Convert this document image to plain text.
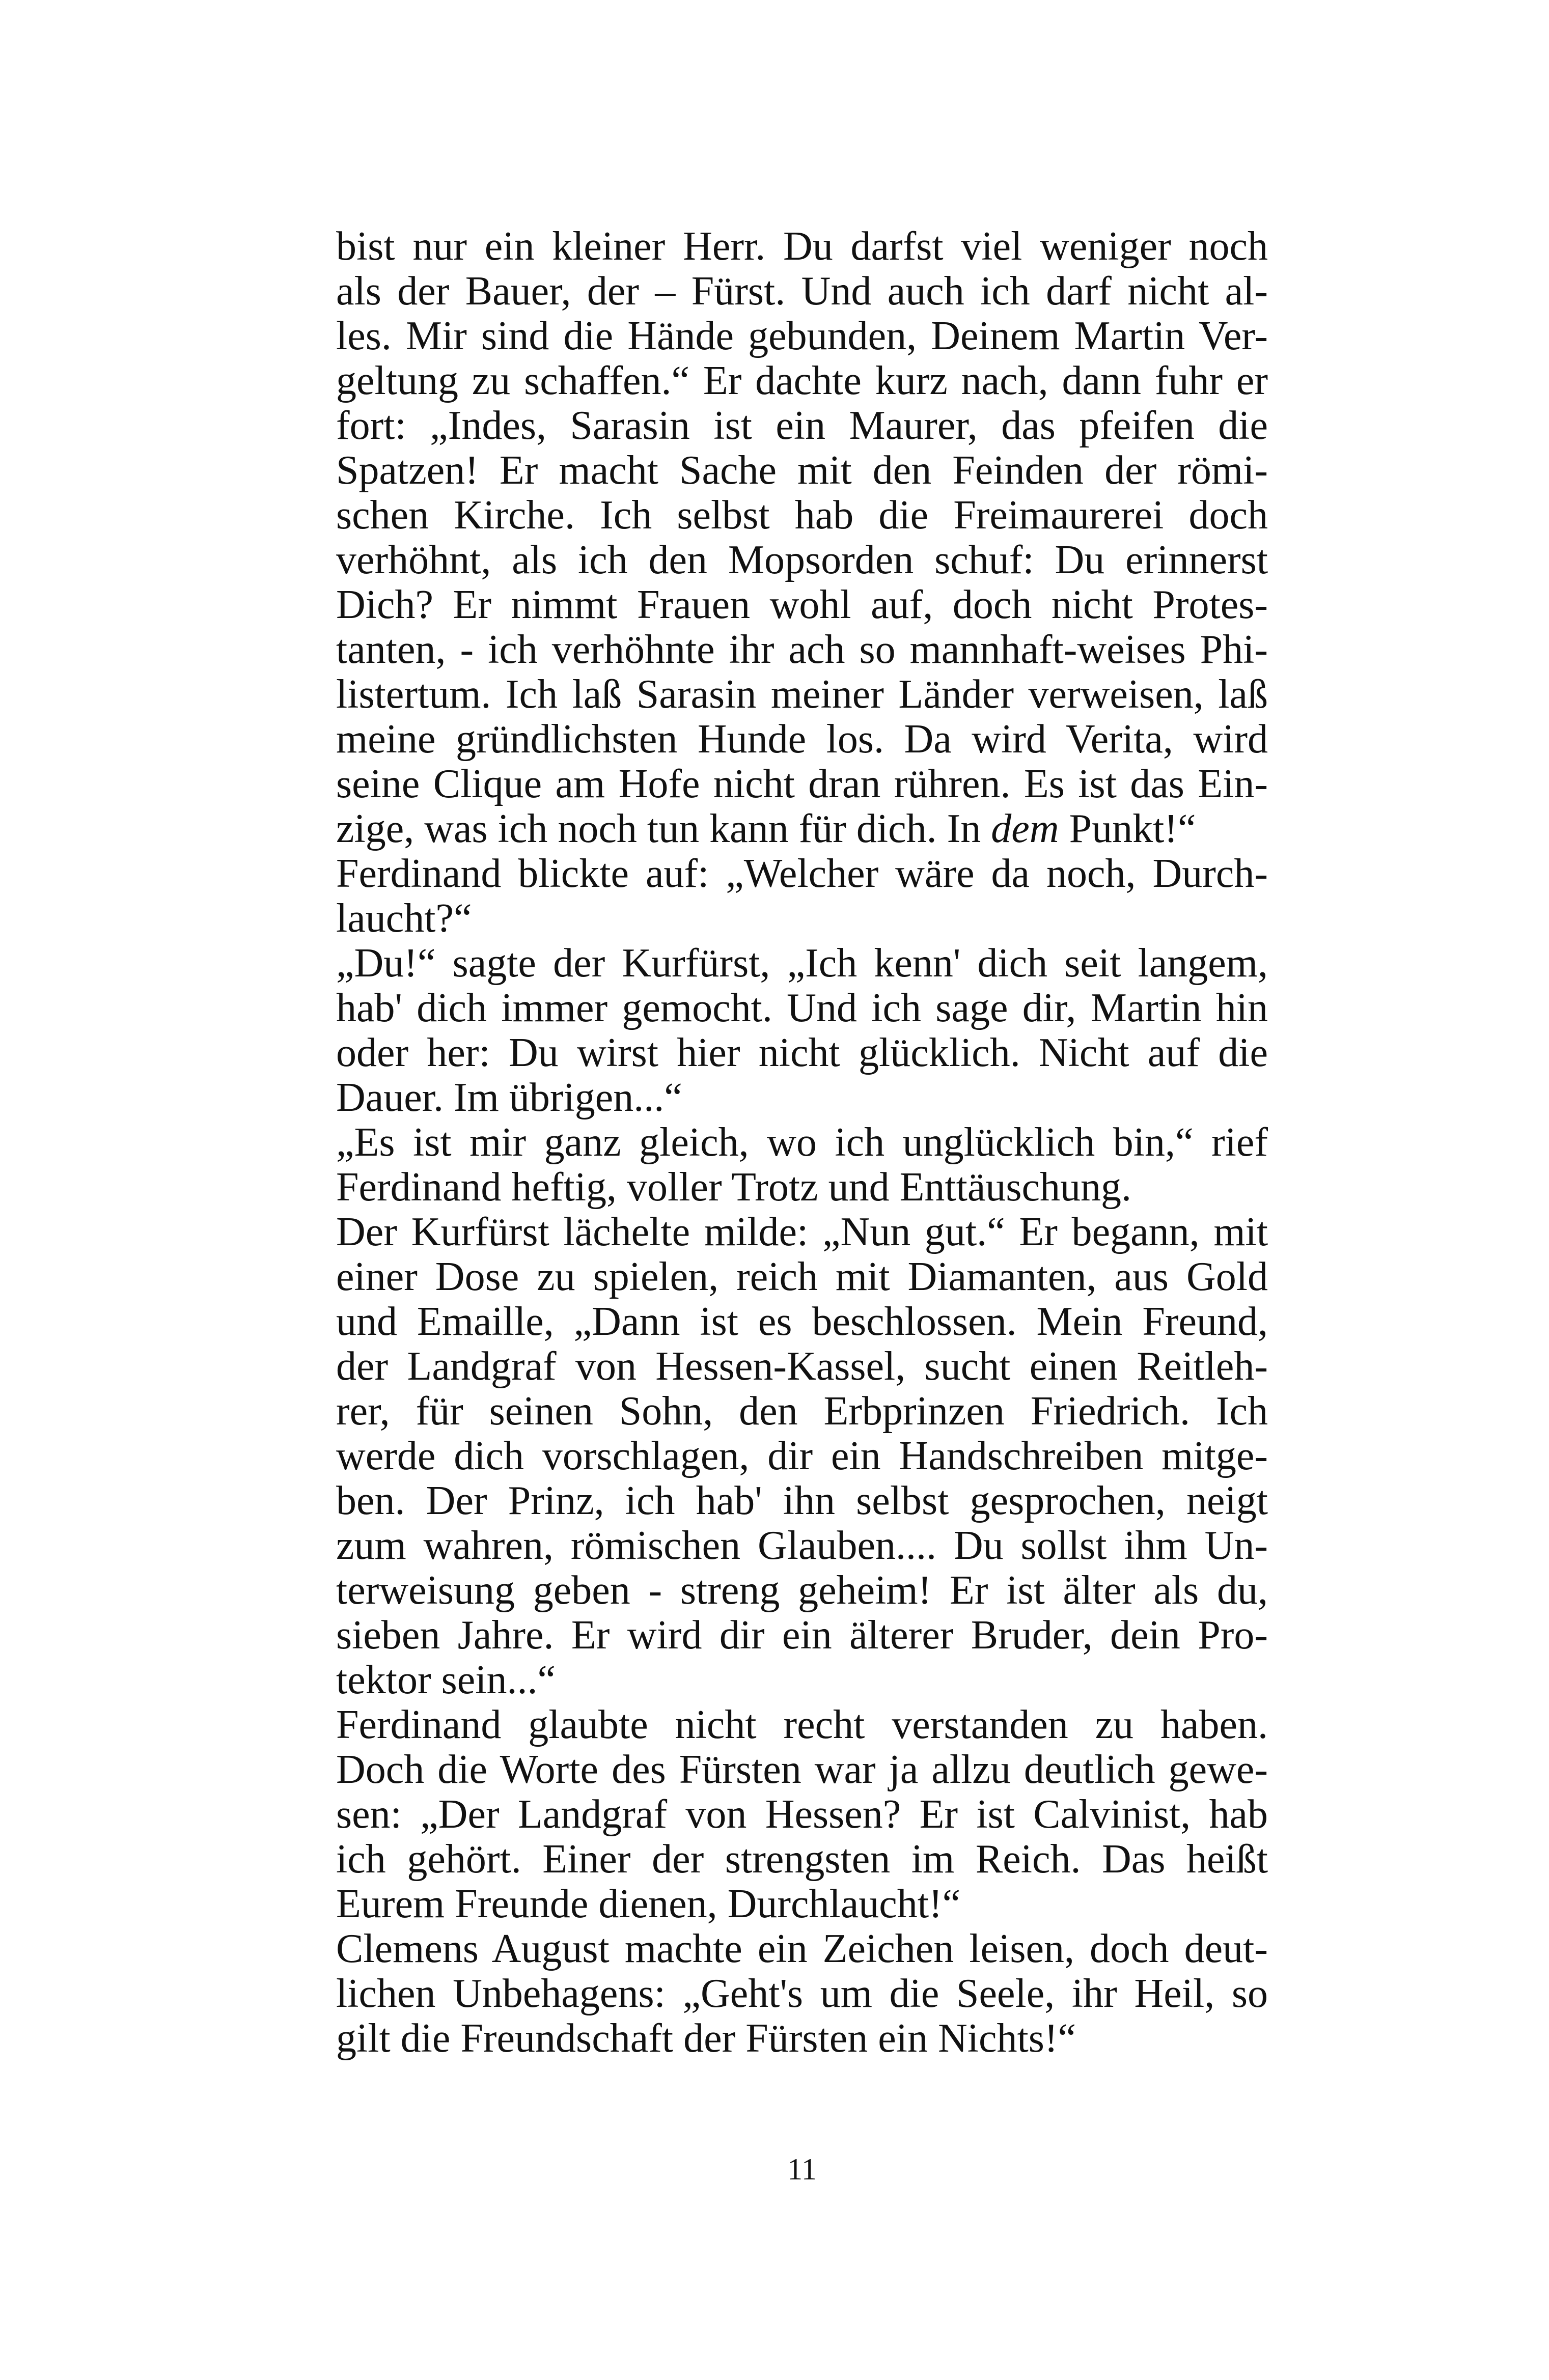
bist nur ein kleiner Herr. Du darfst viel weniger noch
als der Bauer, der – Fürst. Und auch ich darf nicht al-
les. Mir sind die Hände gebunden, Deinem Martin Ver-
geltung zu schaffen.“ Er dachte kurz nach, dann fuhr er
fort: „Indes, Sarasin ist ein Maurer, das pfeifen die
Spatzen! Er macht Sache mit den Feinden der römi-
schen Kirche. Ich selbst hab die Freimaurerei doch
verhöhnt, als ich den Mopsorden schuf: Du erinnerst
Dich? Er nimmt Frauen wohl auf, doch nicht Protes-
tanten, - ich verhöhnte ihr ach so mannhaft-weises Phi-
listertum. Ich laß Sarasin meiner Länder verweisen, laß
meine gründlichsten Hunde los. Da wird Verita, wird
seine Clique am Hofe nicht dran rühren. Es ist das Ein-
zige, was ich noch tun kann für dich. In dem Punkt!“
Ferdinand blickte auf: „Welcher wäre da noch, Durch-
laucht?“
„Du!“ sagte der Kurfürst, „Ich kenn' dich seit langem,
hab' dich immer gemocht. Und ich sage dir, Martin hin
oder her: Du wirst hier nicht glücklich. Nicht auf die
Dauer. Im übrigen...“
„Es ist mir ganz gleich, wo ich unglücklich bin,“ rief
Ferdinand heftig, voller Trotz und Enttäuschung.
Der Kurfürst lächelte milde: „Nun gut.“ Er begann, mit
einer Dose zu spielen, reich mit Diamanten, aus Gold
und Emaille, „Dann ist es beschlossen. Mein Freund,
der Landgraf von Hessen-Kassel, sucht einen Reitleh-
rer, für seinen Sohn, den Erbprinzen Friedrich. Ich
werde dich vorschlagen, dir ein Handschreiben mitge-
ben. Der Prinz, ich hab' ihn selbst gesprochen, neigt
zum wahren, römischen Glauben.... Du sollst ihm Un-
terweisung geben - streng geheim! Er ist älter als du,
sieben Jahre. Er wird dir ein älterer Bruder, dein Pro-
tektor sein...“
Ferdinand glaubte nicht recht verstanden zu haben.
Doch die Worte des Fürsten war ja allzu deutlich gewe-
sen: „Der Landgraf von Hessen? Er ist Calvinist, hab
ich gehört. Einer der strengsten im Reich. Das heißt
Eurem Freunde dienen, Durchlaucht!“
Clemens August machte ein Zeichen leisen, doch deut-
lichen Unbehagens: „Geht's um die Seele, ihr Heil, so
gilt die Freundschaft der Fürsten ein Nichts!“
11
